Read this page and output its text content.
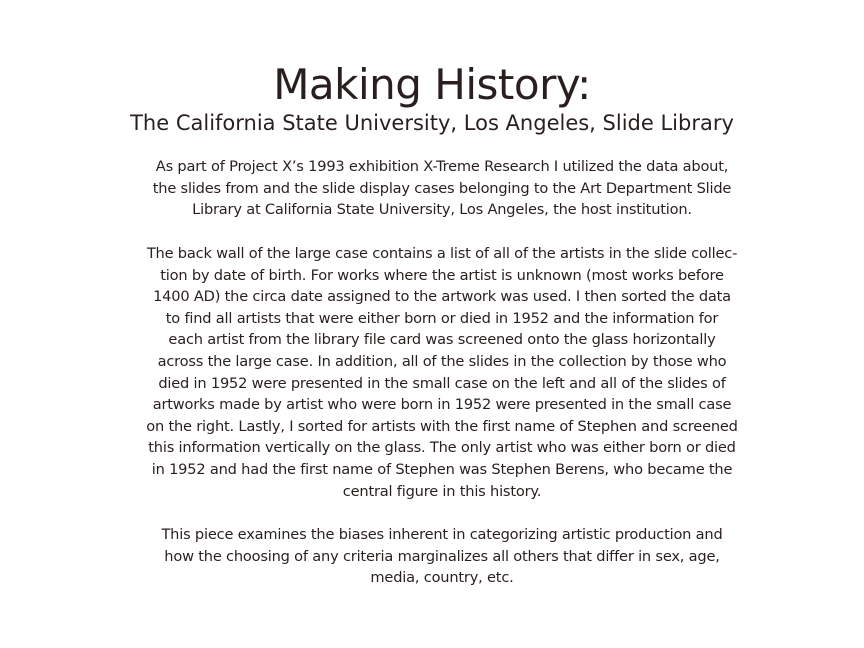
Making History:
The California State University, Los Angeles, Slide Library

As part of Project X’s 1993 exhibition X-Treme Research I utilized the data about,
the slides from and the slide display cases belonging to the Art Department Slide
Library at California State University, Los Angeles, the host institution.

The back wall of the large case contains a list of all of the artists in the slide collec-
tion by date of birth. For works where the artist is unknown (most works before
1400 AD) the circa date assigned to the artwork was used. I then sorted the data
to find all artists that were either born or died in 1952 and the information for
each artist from the library file card was screened onto the glass horizontally
across the large case. In addition, all of the slides in the collection by those who
died in 1952 were presented in the small case on the left and all of the slides of
artworks made by artist who were born in 1952 were presented in the small case
on the right. Lastly, I sorted for artists with the first name of Stephen and screened
this information vertically on the glass. The only artist who was either born or died
in 1952 and had the first name of Stephen was Stephen Berens, who became the
central figure in this history.

This piece examines the biases inherent in categorizing artistic production and
how the choosing of any criteria marginalizes all others that differ in sex, age,
media, country, etc.
